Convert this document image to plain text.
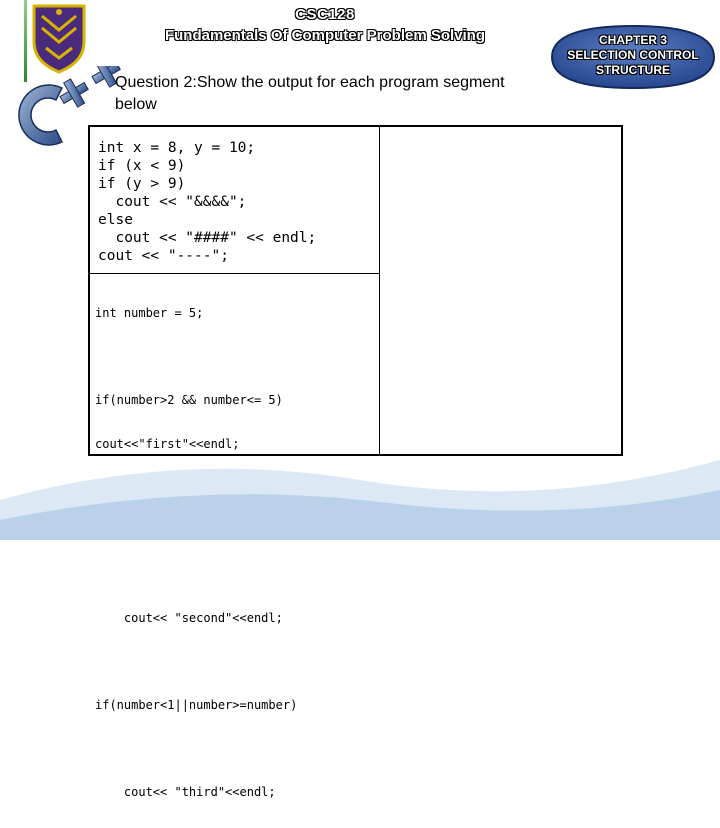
CSC128
Fundamentals Of Computer Problem Solving	CHAPTER 3
SELECTION CONTROL
STRUCTURE
Question 2:Show the output for each program segment below
int x = 8, y = 10;
if (x < 9)
if (y > 9)
cout << "&&&&";
else
cout << "####" << endl;
cout << "----";

int number = 5;

if(number>2 && number<= 5)

cout<<"first"<<endl;

cout<< "second"<<endl;

if(number<1||number>=number)

cout<< "third"<<endl;
